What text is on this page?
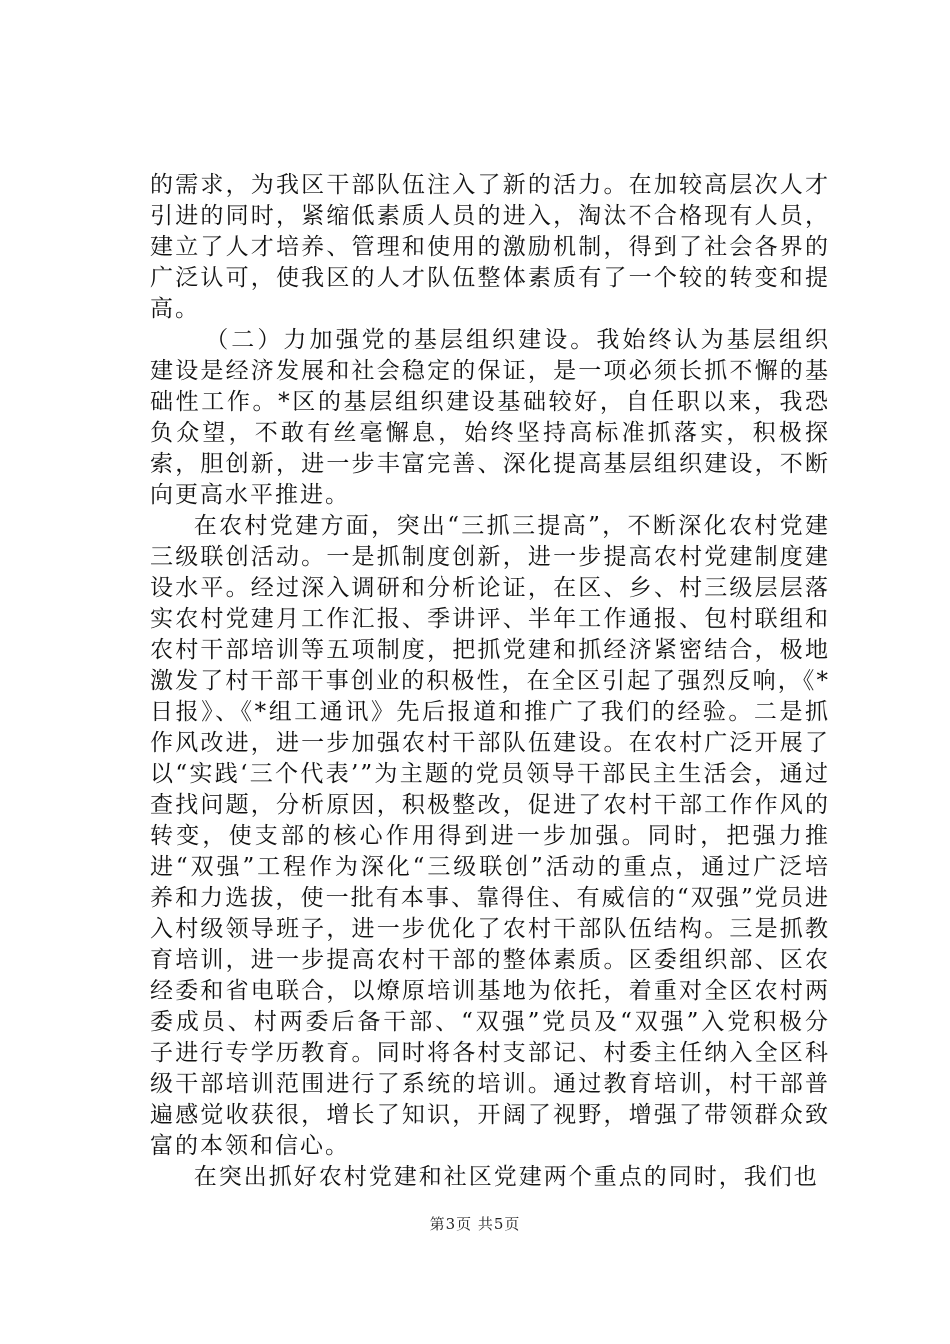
的需求，为我区干部队伍注入了新的活力。在加较高层次人才引进的同时，紧缩低素质人员的进入，淘汰不合格现有人员，建立了人才培养、管理和使用的激励机制，得到了社会各界的广泛认可，使我区的人才队伍整体素质有了一个较的转变和提高。

（二）力加强党的基层组织建设。我始终认为基层组织建设是经济发展和社会稳定的保证，是一项必须长抓不懈的基础性工作。*区的基层组织建设基础较好，自任职以来，我恐负众望，不敢有丝毫懈息，始终坚持高标准抓落实，积极探索，胆创新，进一步丰富完善、深化提高基层组织建设，不断向更高水平推进。

在农村党建方面，突出“三抓三提高”，不断深化农村党建三级联创活动。一是抓制度创新，进一步提高农村党建制度建设水平。经过深入调研和分析论证，在区、乡、村三级层层落实农村党建月工作汇报、季讲评、半年工作通报、包村联组和农村干部培训等五项制度，把抓党建和抓经济紧密结合，极地激发了村干部干事创业的积极性，在全区引起了强烈反响，《*日报》、《*组工通讯》先后报道和推广了我们的经验。二是抓作风改进，进一步加强农村干部队伍建设。在农村广泛开展了以“实践‘三个代表’”为主题的党员领导干部民主生活会，通过查找问题，分析原因，积极整改，促进了农村干部工作作风的转变，使支部的核心作用得到进一步加强。同时，把强力推进“双强”工程作为深化“三级联创”活动的重点，通过广泛培养和力选拔，使一批有本事、靠得住、有威信的“双强”党员进入村级领导班子，进一步优化了农村干部队伍结构。三是抓教育培训，进一步提高农村干部的整体素质。区委组织部、区农经委和省电联合，以燎原培训基地为依托，着重对全区农村两委成员、村两委后备干部、“双强”党员及“双强”入党积极分子进行专学历教育。同时将各村支部记、村委主任纳入全区科级干部培训范围进行了系统的培训。通过教育培训，村干部普遍感觉收获很，增长了知识，开阔了视野，增强了带领群众致富的本领和信心。

在突出抓好农村党建和社区党建两个重点的同时，我们也

第3页 共5页
